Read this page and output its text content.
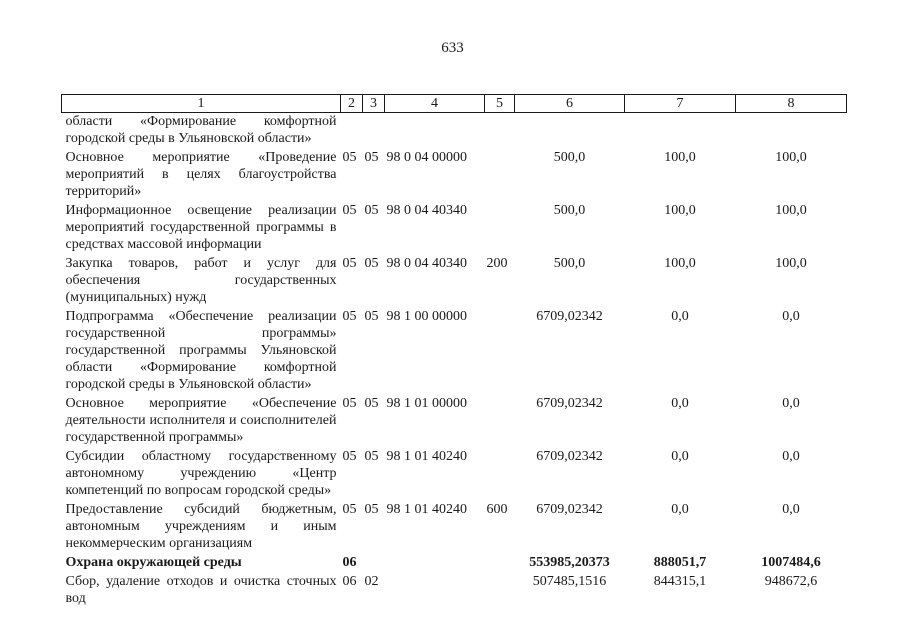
633
1	2	3	4	5	6	7	8
области «Формирование комфортной городской среды в Ульяновской области»							
Основное мероприятие «Проведение мероприятий в целях благоустройства территорий»	05	05	98 0 04 00000		500,0	100,0	100,0
Информационное освещение реализации мероприятий государственной программы в средствах массовой информации	05	05	98 0 04 40340		500,0	100,0	100,0
Закупка товаров, работ и услуг для обеспечения государственных (муниципальных) нужд	05	05	98 0 04 40340	200	500,0	100,0	100,0
Подпрограмма «Обеспечение реализации государственной программы» государственной программы Ульяновской области «Формирование комфортной городской среды в Ульяновской области»	05	05	98 1 00 00000		6709,02342	0,0	0,0
Основное мероприятие «Обеспечение деятельности исполнителя и соисполнителей государственной программы»	05	05	98 1 01 00000		6709,02342	0,0	0,0
Субсидии областному государственному автономному учреждению «Центр компетенций по вопросам городской среды»	05	05	98 1 01 40240		6709,02342	0,0	0,0
Предоставление субсидий бюджетным, автономным учреждениям и иным некоммерческим организациям	05	05	98 1 01 40240	600	6709,02342	0,0	0,0
Охрана окружающей среды	06				553985,20373	888051,7	1007484,6
Сбор, удаление отходов и очистка сточных вод	06	02			507485,1516	844315,1	948672,6
